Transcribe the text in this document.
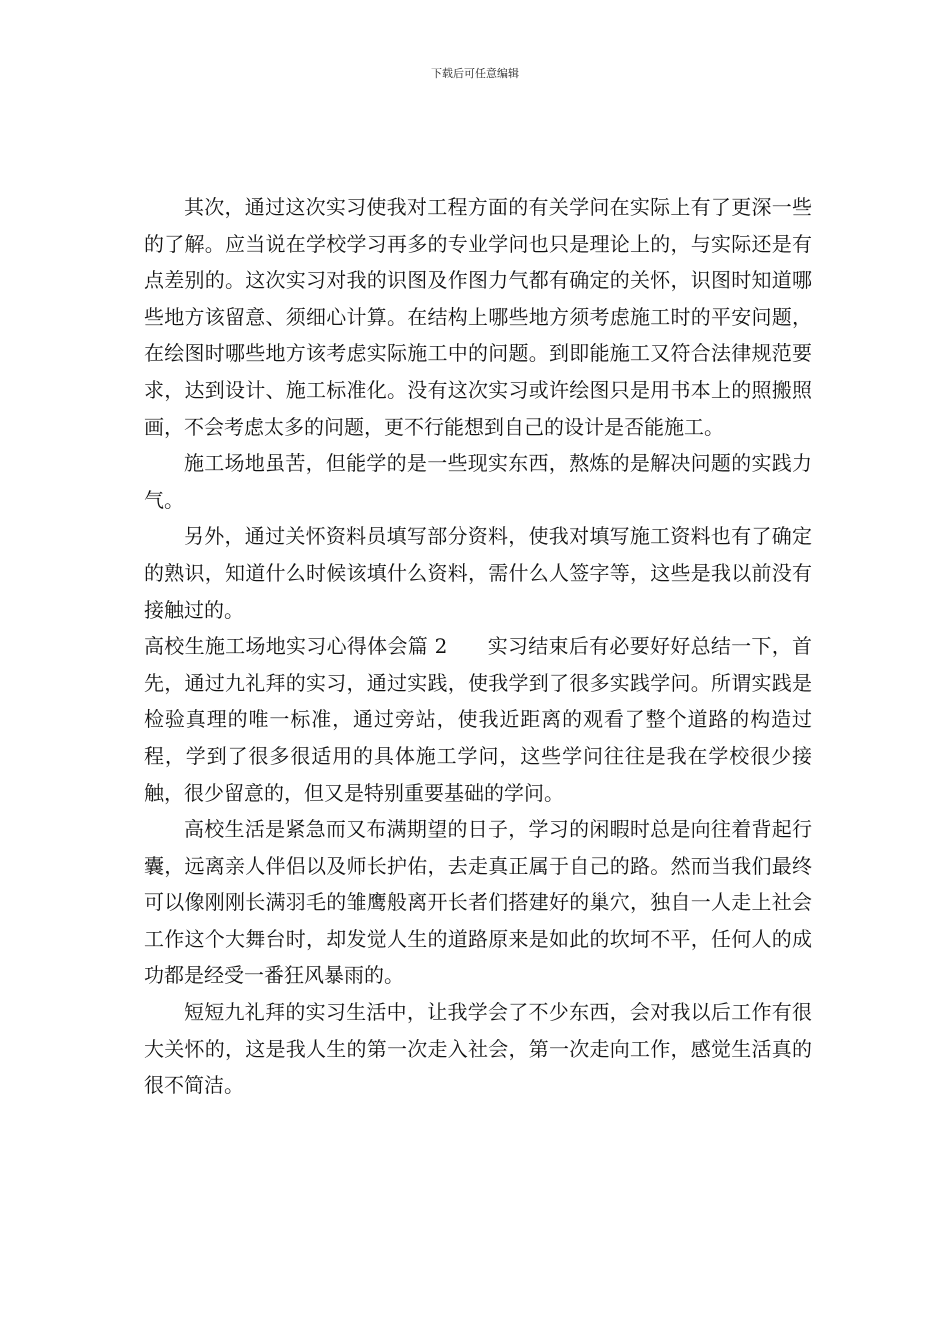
下载后可任意编辑

其次，通过这次实习使我对工程方面的有关学问在实际上有了更深一些的了解。应当说在学校学习再多的专业学问也只是理论上的，与实际还是有点差别的。这次实习对我的识图及作图力气都有确定的关怀，识图时知道哪些地方该留意、须细心计算。在结构上哪些地方须考虑施工时的平安问题，在绘图时哪些地方该考虑实际施工中的问题。到即能施工又符合法律规范要求，达到设计、施工标准化。没有这次实习或许绘图只是用书本上的照搬照画，不会考虑太多的问题，更不行能想到自己的设计是否能施工。

施工场地虽苦，但能学的是一些现实东西，熬炼的是解决问题的实践力气。

另外，通过关怀资料员填写部分资料，使我对填写施工资料也有了确定的熟识，知道什么时候该填什么资料，需什么人签字等，这些是我以前没有接触过的。

高校生施工场地实习心得体会篇 2 实习结束后有必要好好总结一下，首先，通过九礼拜的实习，通过实践，使我学到了很多实践学问。所谓实践是检验真理的唯一标准，通过旁站，使我近距离的观看了整个道路的构造过程，学到了很多很适用的具体施工学问，这些学问往往是我在学校很少接触，很少留意的，但又是特别重要基础的学问。

高校生活是紧急而又布满期望的日子，学习的闲暇时总是向往着背起行囊，远离亲人伴侣以及师长护佑，去走真正属于自己的路。然而当我们最终可以像刚刚长满羽毛的雏鹰般离开长者们搭建好的巢穴，独自一人走上社会工作这个大舞台时，却发觉人生的道路原来是如此的坎坷不平，任何人的成功都是经受一番狂风暴雨的。

短短九礼拜的实习生活中，让我学会了不少东西，会对我以后工作有很大关怀的，这是我人生的第一次走入社会，第一次走向工作，感觉生活真的很不简洁。
